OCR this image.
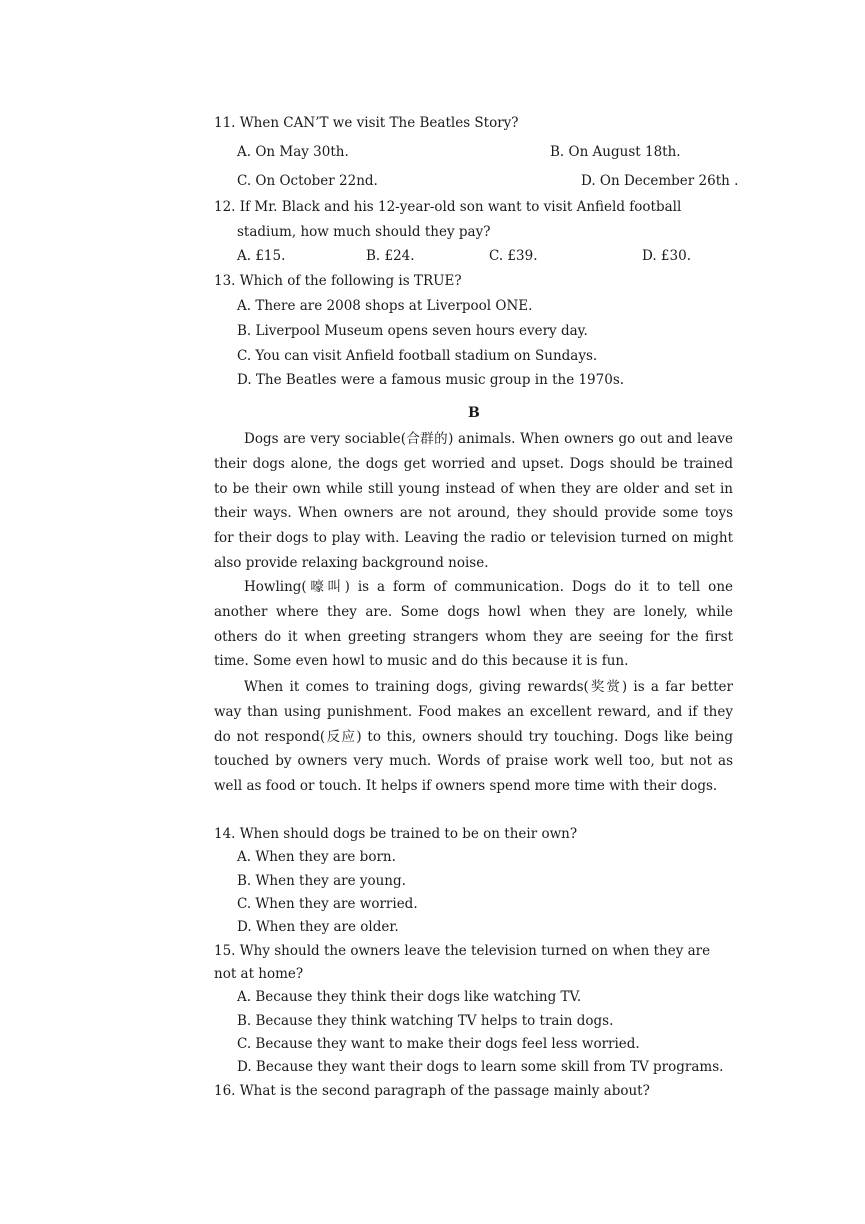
11. When CAN’T we visit The Beatles Story?
A. On May 30th.	B. On August 18th.
C. On October 22nd.	D. On December 26th .
12. If Mr. Black and his 12-year-old son want to visit Anfield football
stadium, how much should they pay?
A. £15.	B. £24.	C. £39.	D. £30.
13. Which of the following is TRUE?
A. There are 2008 shops at Liverpool ONE.
B. Liverpool Museum opens seven hours every day.
C. You can visit Anfield football stadium on Sundays.
D. The Beatles were a famous music group in the 1970s.
B
Dogs are very sociable(合群的) animals. When owners go out and leave their dogs alone, the dogs get worried and upset. Dogs should be trained to be their own while still young instead of when they are older and set in their ways. When owners are not around, they should provide some toys for their dogs to play with. Leaving the radio or television turned on might also provide relaxing background noise.
Howling(嚎叫) is a form of communication. Dogs do it to tell one another where they are. Some dogs howl when they are lonely, while others do it when greeting strangers whom they are seeing for the first time. Some even howl to music and do this because it is fun.
When it comes to training dogs, giving rewards(奖赏) is a far better way than using punishment. Food makes an excellent reward, and if they do not respond(反应) to this, owners should try touching. Dogs like being touched by owners very much. Words of praise work well too, but not as well as food or touch. It helps if owners spend more time with their dogs.
14. When should dogs be trained to be on their own?
A. When they are born.
B. When they are young.
C. When they are worried.
D. When they are older.
15. Why should the owners leave the television turned on when they are
not at home?
A. Because they think their dogs like watching TV.
B. Because they think watching TV helps to train dogs.
C. Because they want to make their dogs feel less worried.
D. Because they want their dogs to learn some skill from TV programs.
16. What is the second paragraph of the passage mainly about?
